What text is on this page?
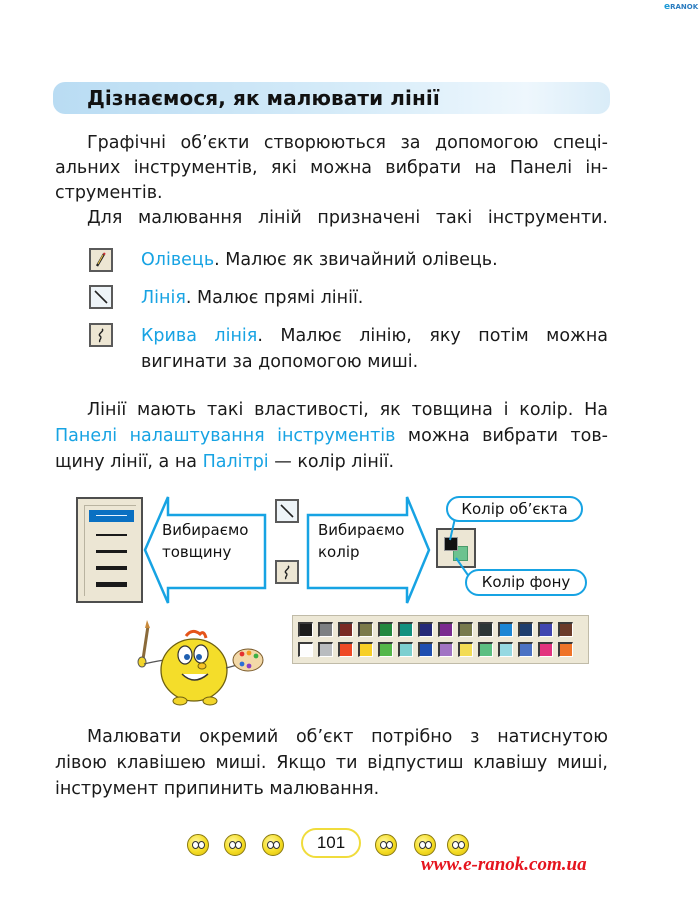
eRANOK
Дізнаємося, як малювати лінії
Графічні об’єкти створюються за допомогою спеці-
альних інструментів, які можна вибрати на Панелі ін-
струментів.
Для малювання ліній призначені такі інструменти.
Олівець. Малює як звичайний олівець.
Лінія. Малює прямі лінії.
Крива лінія. Малює лінію, яку потім можна
вигинати за допомогою миші.
Лінії мають такі властивості, як товщина і колір. На
Панелі налаштування інструментів можна вибрати тов-
щину лінії, а на Палітрі — колір лінії.
Вибираємо
товщину
Вибираємо
колір
Колір об’єкта
Колір фону
Малювати окремий об’єкт потрібно з натиснутою
лівою клавішею миші. Якщо ти відпустиш клавішу миші,
інструмент припинить малювання.
101
www.e-ranok.com.ua
